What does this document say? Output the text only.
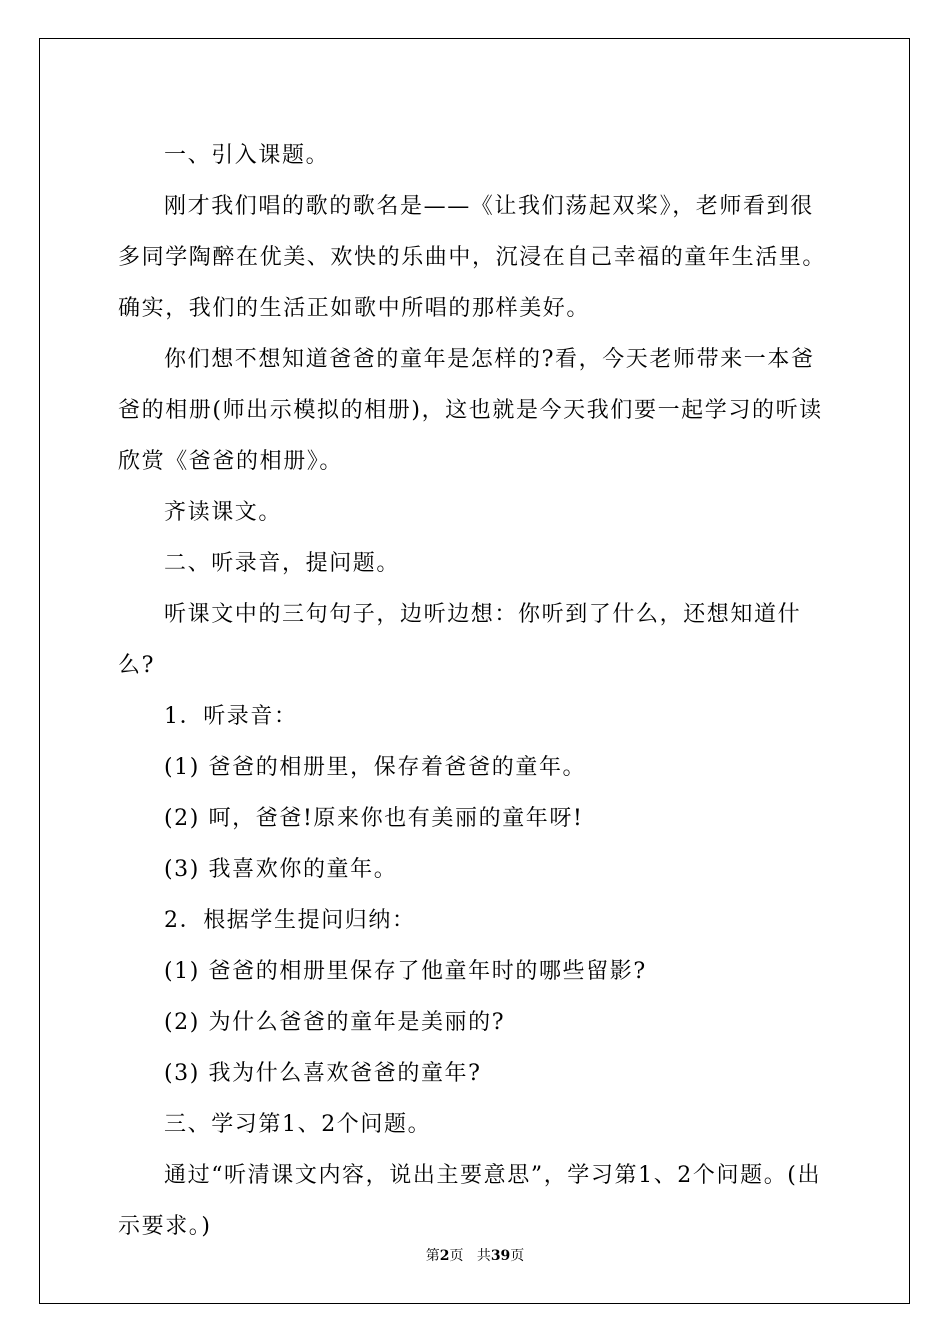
一、引入课题。

刚才我们唱的歌的歌名是——《让我们荡起双桨》，老师看到很多同学陶醉在优美、欢快的乐曲中，沉浸在自己幸福的童年生活里。确实，我们的生活正如歌中所唱的那样美好。

你们想不想知道爸爸的童年是怎样的?看，今天老师带来一本爸爸的相册(师出示模拟的相册)，这也就是今天我们要一起学习的听读欣赏《爸爸的相册》。

齐读课文。

二、听录音，提问题。

听课文中的三句句子，边听边想：你听到了什么，还想知道什么?

1．听录音：

(1) 爸爸的相册里，保存着爸爸的童年。

(2) 呵，爸爸!原来你也有美丽的童年呀!

(3) 我喜欢你的童年。

2．根据学生提问归纳：

(1) 爸爸的相册里保存了他童年时的哪些留影?

(2) 为什么爸爸的童年是美丽的?

(3) 我为什么喜欢爸爸的童年?

三、学习第1、2个问题。

通过“听清课文内容，说出主要意思”，学习第1、2个问题。(出示要求。)

第2页 共39页
